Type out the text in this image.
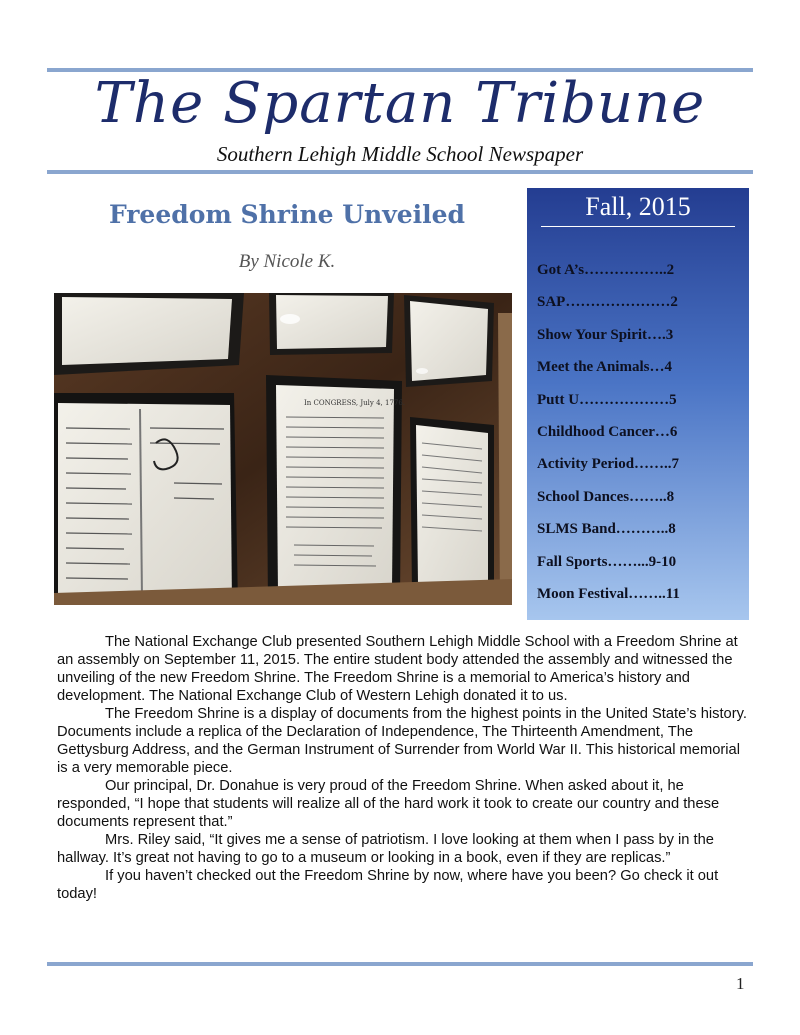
The Spartan Tribune
Southern Lehigh Middle School Newspaper
Freedom Shrine Unveiled
By Nicole K.
In CONGRESS, July 4, 1776.
Fall, 2015
Got A’s……………..2
SAP…………………2
Show Your Spirit….3
Meet the Animals…4
Putt U………………5
Childhood Cancer…6
Activity Period……..7
School Dances……..8
SLMS Band………..8
Fall Sports……...9-10
Moon Festival……..11

The National Exchange Club presented Southern Lehigh Middle School with a Freedom Shrine at an assembly on September 11, 2015. The entire student body attended the assembly and witnessed the unveiling of the new Freedom Shrine. The Freedom Shrine is a memorial to America’s history and development. The National Exchange Club of Western Lehigh donated it to us.

The Freedom Shrine is a display of documents from the highest points in the United State’s history. Documents include a replica of the Declaration of Independence, The Thirteenth Amendment, The Gettysburg Address, and the German Instrument of Surrender from World War II. This historical memorial is a very memorable piece.

Our principal, Dr. Donahue is very proud of the Freedom Shrine. When asked about it, he responded, “I hope that students will realize all of the hard work it took to create our country and these documents represent that.”

Mrs. Riley said, “It gives me a sense of patriotism. I love looking at them when I pass by in the hallway. It’s great not having to go to a museum or looking in a book, even if they are replicas.”

If you haven’t checked out the Freedom Shrine by now, where have you been? Go check it out today!

1
